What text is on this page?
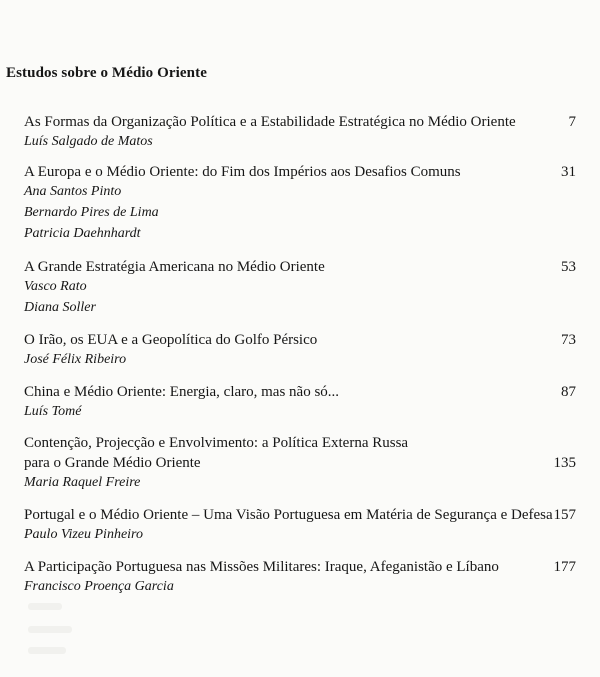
Estudos sobre o Médio Oriente
As Formas da Organização Política e a Estabilidade Estratégica no Médio Oriente	7
Luís Salgado de Matos
A Europa e o Médio Oriente: do Fim dos Impérios aos Desafios Comuns	31
Ana Santos Pinto
Bernardo Pires de Lima
Patricia Daehnhardt
A Grande Estratégia Americana no Médio Oriente	53
Vasco Rato
Diana Soller
O Irão, os EUA e a Geopolítica do Golfo Pérsico	73
José Félix Ribeiro
China e Médio Oriente: Energia, claro, mas não só...	87
Luís Tomé
Contenção, Projecção e Envolvimento: a Política Externa Russa
para o Grande Médio Oriente	135
Maria Raquel Freire
Portugal e o Médio Oriente – Uma Visão Portuguesa em Matéria de Segurança e Defesa 157
Paulo Vizeu Pinheiro
A Participação Portuguesa nas Missões Militares: Iraque, Afeganistão e Líbano	177
Francisco Proença Garcia
